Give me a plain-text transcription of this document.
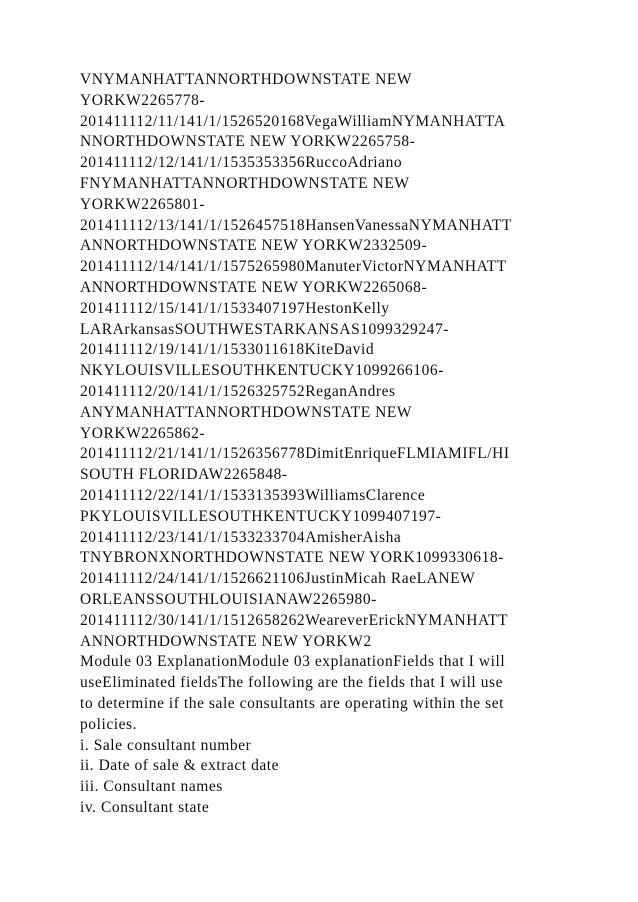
VNYMANHATTANNORTHDOWNSTATE NEW
YORKW2265778-
201411112/11/141/1/1526520168VegaWilliamNYMANHATTA
NNORTHDOWNSTATE NEW YORKW2265758-
201411112/12/141/1/1535353356RuccoAdriano
FNYMANHATTANNORTHDOWNSTATE NEW
YORKW2265801-
201411112/13/141/1/1526457518HansenVanessaNYMANHATT
ANNORTHDOWNSTATE NEW YORKW2332509-
201411112/14/141/1/1575265980ManuterVictorNYMANHATT
ANNORTHDOWNSTATE NEW YORKW2265068-
201411112/15/141/1/1533407197HestonKelly
LARArkansasSOUTHWESTARKANSAS1099329247-
201411112/19/141/1/1533011618KiteDavid
NKYLOUISVILLESOUTHKENTUCKY1099266106-
201411112/20/141/1/1526325752ReganAndres
ANYMANHATTANNORTHDOWNSTATE NEW
YORKW2265862-
201411112/21/141/1/1526356778DimitEnriqueFLMIAMIFL/HI
SOUTH FLORIDAW2265848-
201411112/22/141/1/1533135393WilliamsClarence
PKYLOUISVILLESOUTHKENTUCKY1099407197-
201411112/23/141/1/1533233704AmisherAisha
TNYBRONXNORTHDOWNSTATE NEW YORK1099330618-
201411112/24/141/1/1526621106JustinMicah RaeLANEW
ORLEANSSOUTHLOUISIANAW2265980-
201411112/30/141/1/1512658262WeareverErickNYMANHATT
ANNORTHDOWNSTATE NEW YORKW2
Module 03 ExplanationModule 03 explanationFields that I will
useEliminated fieldsThe following are the fields that I will use
to determine if the sale consultants are operating within the set
policies.
i. Sale consultant number
ii. Date of sale & extract date
iii. Consultant names
iv. Consultant state
